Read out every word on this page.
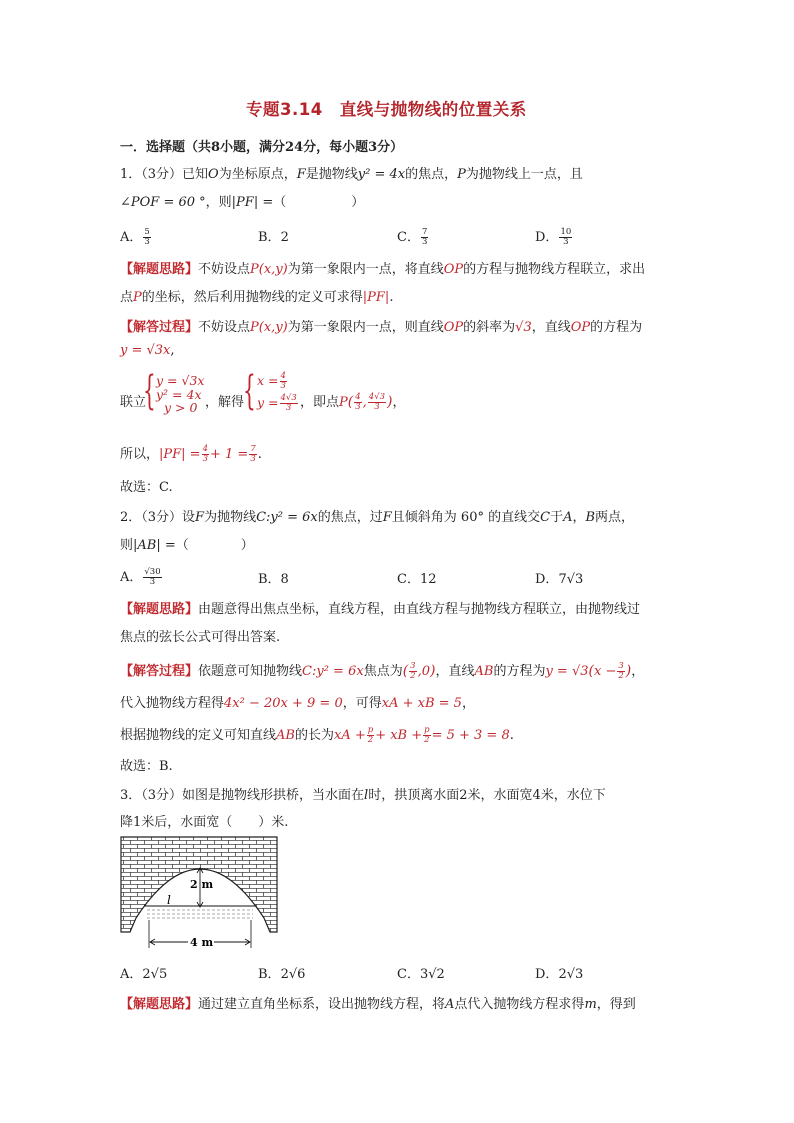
专题3.14　直线与抛物线的位置关系
一．选择题（共8小题，满分24分，每小题3分）
1．（3分）已知O为坐标原点，F是抛物线y² = 4x的焦点，P为抛物线上一点，且
∠POF = 60 °，则|PF| =（　　　　　）
A． $\frac{5}{3}$	B．2	C． $\frac{7}{3}$	D． $\frac{10}{3}$
【解题思路】不妨设点P(x,y)为第一象限内一点，将直线OP的方程与抛物线方程联立，求出
点P的坐标，然后利用抛物线的定义可求得|PF|.
【解答过程】不妨设点P(x,y)为第一象限内一点，则直线OP的斜率为√3，直线OP的方程为
y = √3x,
联立
{ y = √3x
y² = 4x
y > 0 ，解得
{ $x = \frac{4}{3}$
$y = \frac{4√3}{3}$ ，即点$P( \frac{4}{3}$ , $\frac{4√3}{3}$ )，
所以，$|PF| = \frac{4}{3} + 1 = \frac{7}{3}$ .
故选：C.
2．（3分）设F为抛物线C:y² = 6x的焦点，过F且倾斜角为 60° 的直线交C于A，B两点，
则|AB| =（　　　　）
A． $\frac{√30}{3}$	B．8	C．12	D．7√3
【解题思路】由题意得出焦点坐标，直线方程，由直线方程与抛物线方程联立，由抛物线过
焦点的弦长公式可得出答案.
【解答过程】依题意可知抛物线C:y² = 6x焦点为( $\frac{3}{2} ,0$)，直线AB的方程为$y = √3(x - \frac{3}{2}$ )，
代入抛物线方程得4x² − 20x + 9 = 0，可得xA + xB = 5，
根据抛物线的定义可知直线AB的长为xA + $\frac{p}{2}$ + xB + $\frac{p}{2} = 5 + 3 = 8$.
故选：B.
3．（3分）如图是抛物线形拱桥，当水面在l时，拱顶离水面2米，水面宽4米，水位下
降1米后，水面宽（　　）米.
2 m
l
4 m
A．2√5	B．2√6	C．3√2	D．2√3
【解题思路】通过建立直角坐标系，设出抛物线方程，将A点代入抛物线方程求得m，得到
